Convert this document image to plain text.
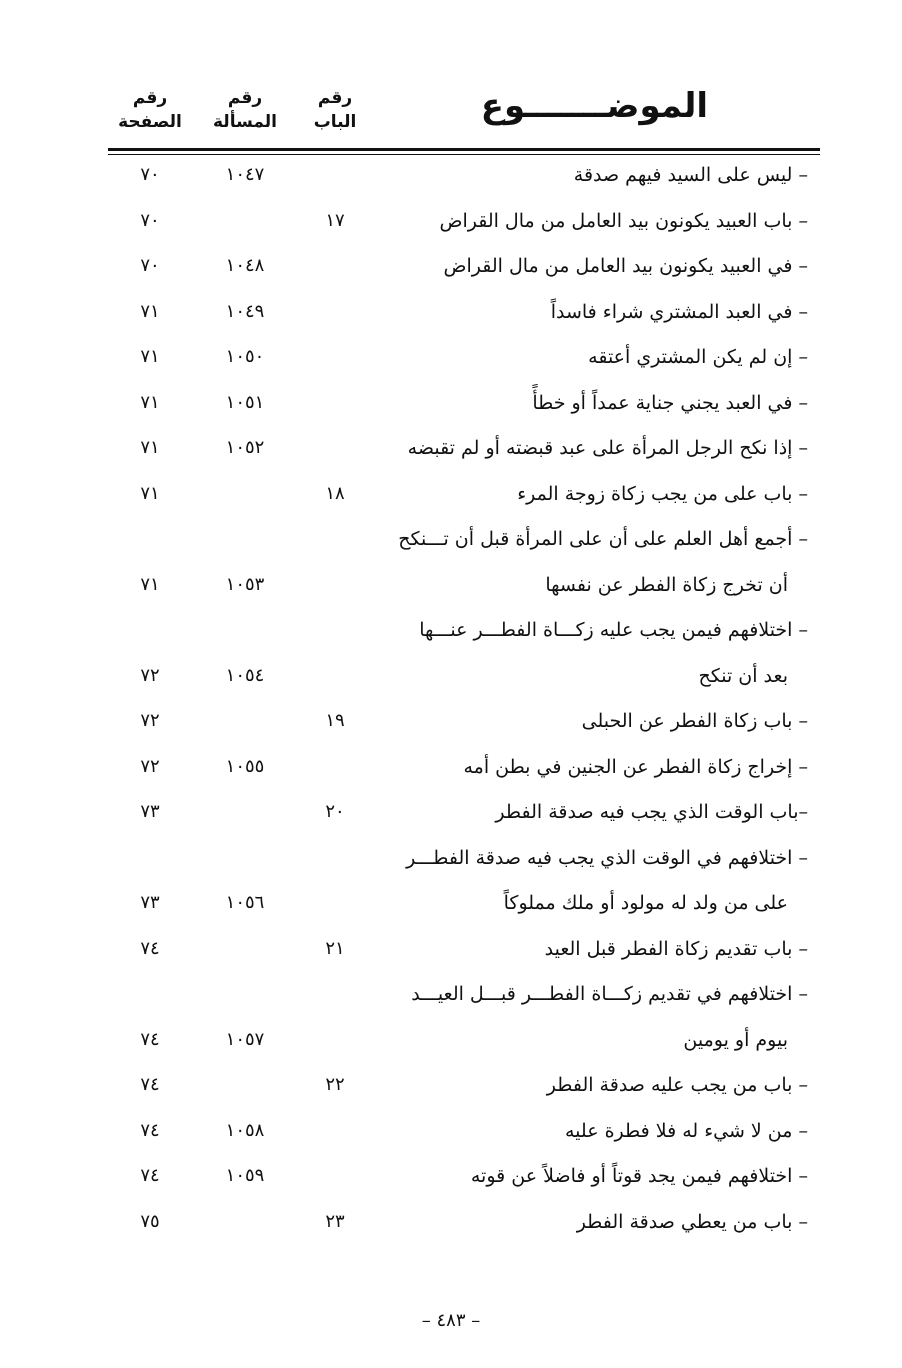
الموضـــــــوع
رقم
الباب
رقم
المسألة
رقم
الصفحة
– ليس على السيد فيهم صدقة
١٠٤٧
٧٠
– باب العبيد يكونون بيد العامل من مال القراض
١٧
٧٠
– في العبيد يكونون بيد العامل من مال القراض
١٠٤٨
٧٠
– في العبد المشتري شراء فاسداً
١٠٤٩
٧١
– إن لم يكن المشتري أعتقه
١٠٥٠
٧١
– في العبد يجني جناية عمداً أو خطأً
١٠٥١
٧١
– إذا نكح الرجل المرأة على عبد قبضته أو لم تقبضه
١٠٥٢
٧١
– باب على من يجب زكاة زوجة المرء
١٨
٧١
– أجمع أهل العلم على أن على المرأة قبل أن تـــنكح
أن تخرج زكاة الفطر عن نفسها
١٠٥٣
٧١
– اختلافهم فيمن يجب عليه زكـــاة الفطـــر عنـــها
بعد أن تنكح
١٠٥٤
٧٢
– باب زكاة الفطر عن الحبلى
١٩
٧٢
– إخراج زكاة الفطر عن الجنين في بطن أمه
١٠٥٥
٧٢
–باب الوقت الذي يجب فيه صدقة الفطر
٢٠
٧٣
– اختلافهم في الوقت الذي يجب فيه صدقة الفطـــر
على من ولد له مولود أو ملك مملوكاً
١٠٥٦
٧٣
– باب تقديم زكاة الفطر قبل العيد
٢١
٧٤
– اختلافهم في تقديم زكـــاة الفطـــر قبـــل العيـــد
بيوم أو يومين
١٠٥٧
٧٤
– باب من يجب عليه صدقة الفطر
٢٢
٧٤
– من لا شيء له فلا فطرة عليه
١٠٥٨
٧٤
– اختلافهم فيمن يجد قوتاً أو فاضلاً عن قوته
١٠٥٩
٧٤
– باب من يعطي صدقة الفطر
٢٣
٧٥
– ٤٨٣ –
